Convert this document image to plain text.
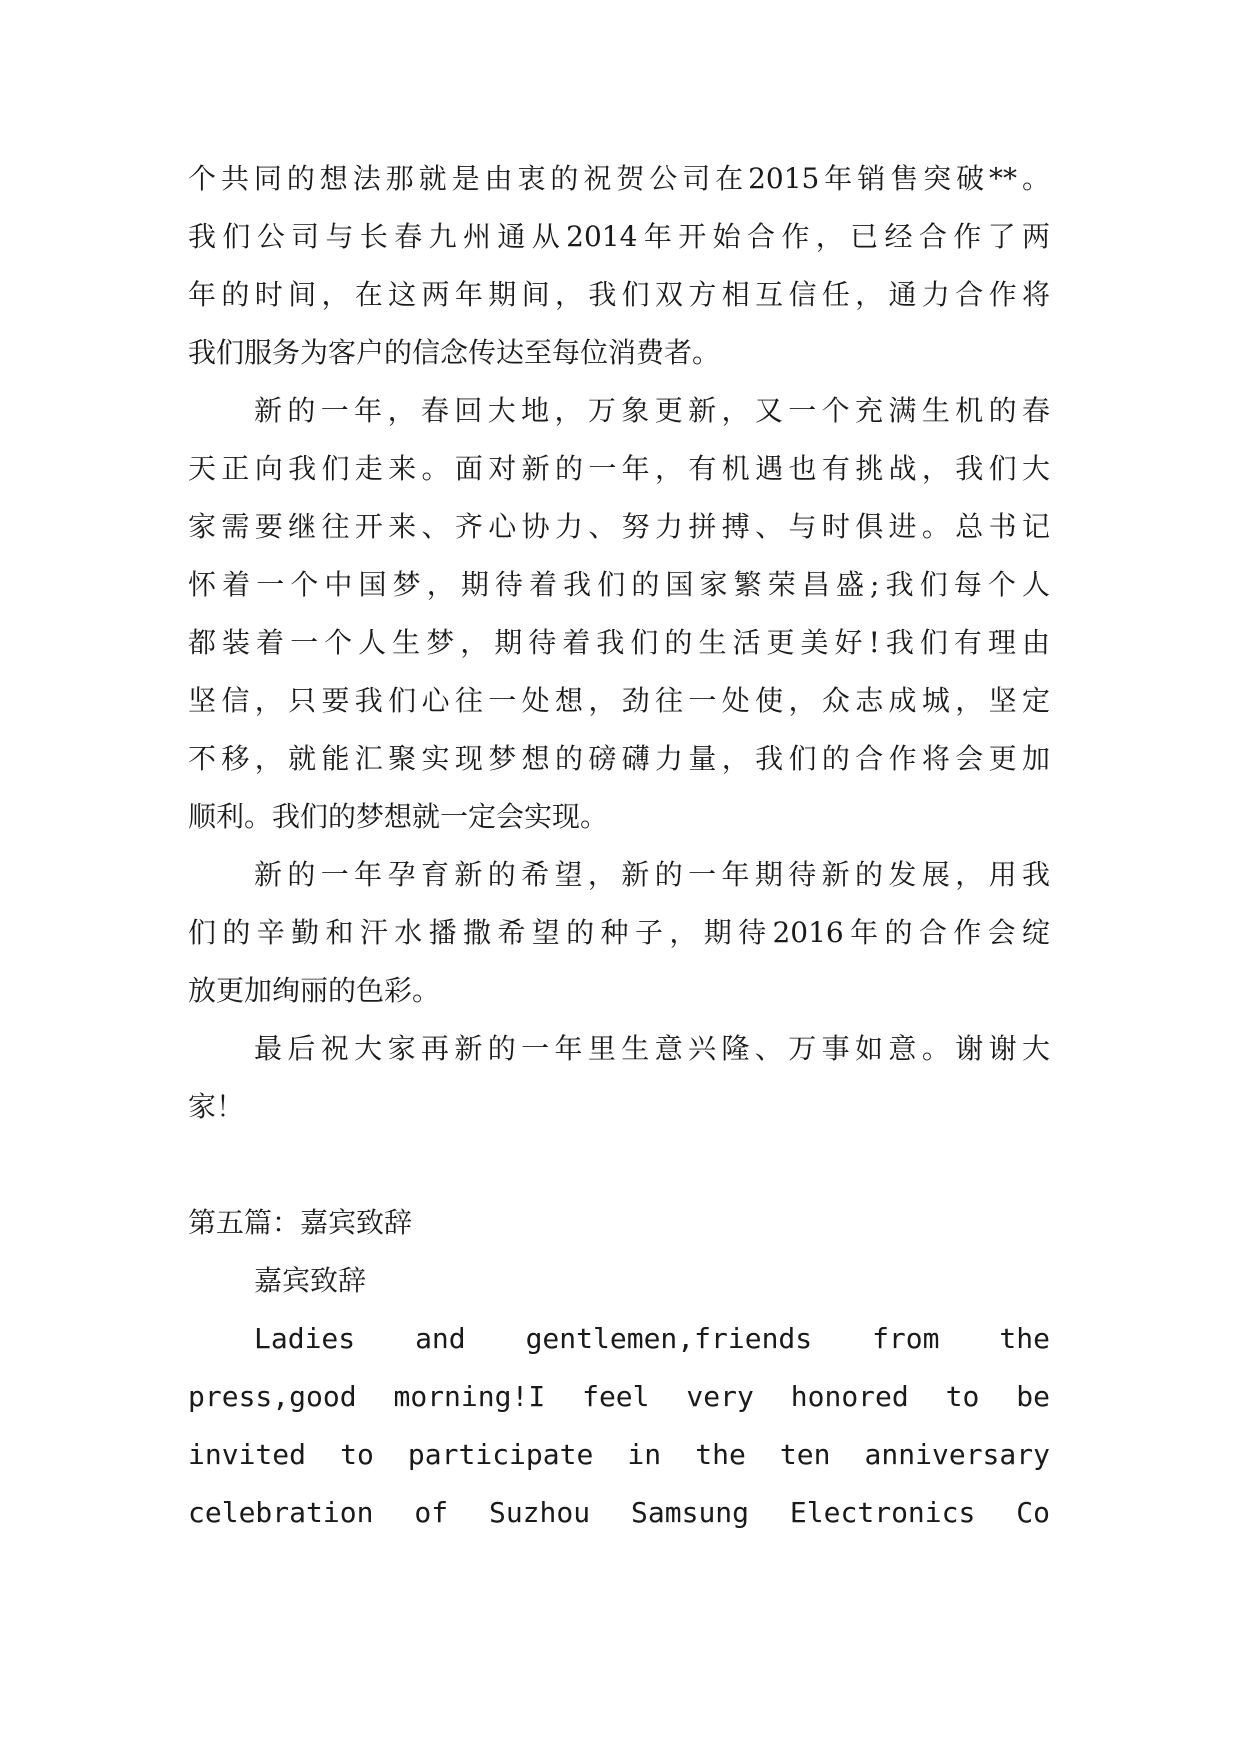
个共同的想法那就是由衷的祝贺公司在2015年销售突破**。
我们公司与长春九州通从2014年开始合作，已经合作了两
年的时间，在这两年期间，我们双方相互信任，通力合作将
我们服务为客户的信念传达至每位消费者。
新的一年，春回大地，万象更新，又一个充满生机的春
天正向我们走来。面对新的一年，有机遇也有挑战，我们大
家需要继往开来、齐心协力、努力拼搏、与时俱进。总书记
怀着一个中国梦，期待着我们的国家繁荣昌盛;我们每个人
都装着一个人生梦，期待着我们的生活更美好!我们有理由
坚信，只要我们心往一处想，劲往一处使，众志成城，坚定
不移，就能汇聚实现梦想的磅礴力量，我们的合作将会更加
顺利。我们的梦想就一定会实现。
新的一年孕育新的希望，新的一年期待新的发展，用我
们的辛勤和汗水播撒希望的种子，期待2016年的合作会绽
放更加绚丽的色彩。
最后祝大家再新的一年里生意兴隆、万事如意。谢谢大
家！
第五篇：嘉宾致辞
嘉宾致辞
Ladies and gentlemen,friends from the
press,good morning!I feel very honored to be
invited to participate in the ten anniversary
celebration of Suzhou Samsung Electronics Co
